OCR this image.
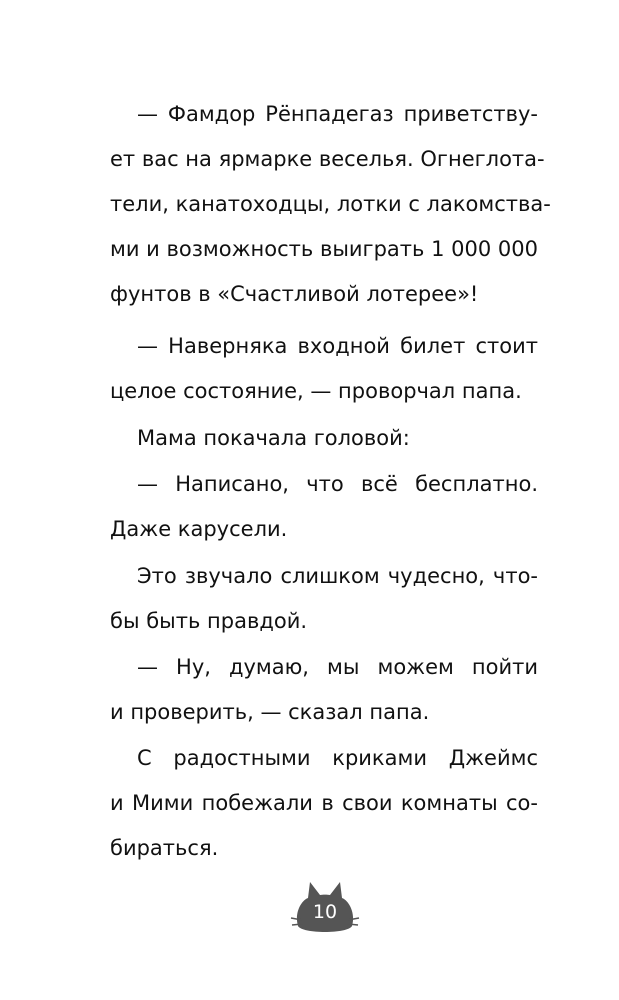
— Фамдор Рёнпадегаз приветству-
ет вас на ярмарке веселья. Огнеглота-
тели, канатоходцы, лотки с лакомства-
ми и возможность выиграть 1 000 000
фунтов в «Счастливой лотерее»!
— Наверняка входной билет стоит
целое состояние, — проворчал папа.
Мама покачала головой:
— Написано, что всё бесплатно.
Даже карусели.
Это звучало слишком чудесно, что-
бы быть правдой.
— Ну, думаю, мы можем пойти
и проверить, — сказал папа.
С радостными криками Джеймс
и Мими побежали в свои комнаты со-
бираться.
10
